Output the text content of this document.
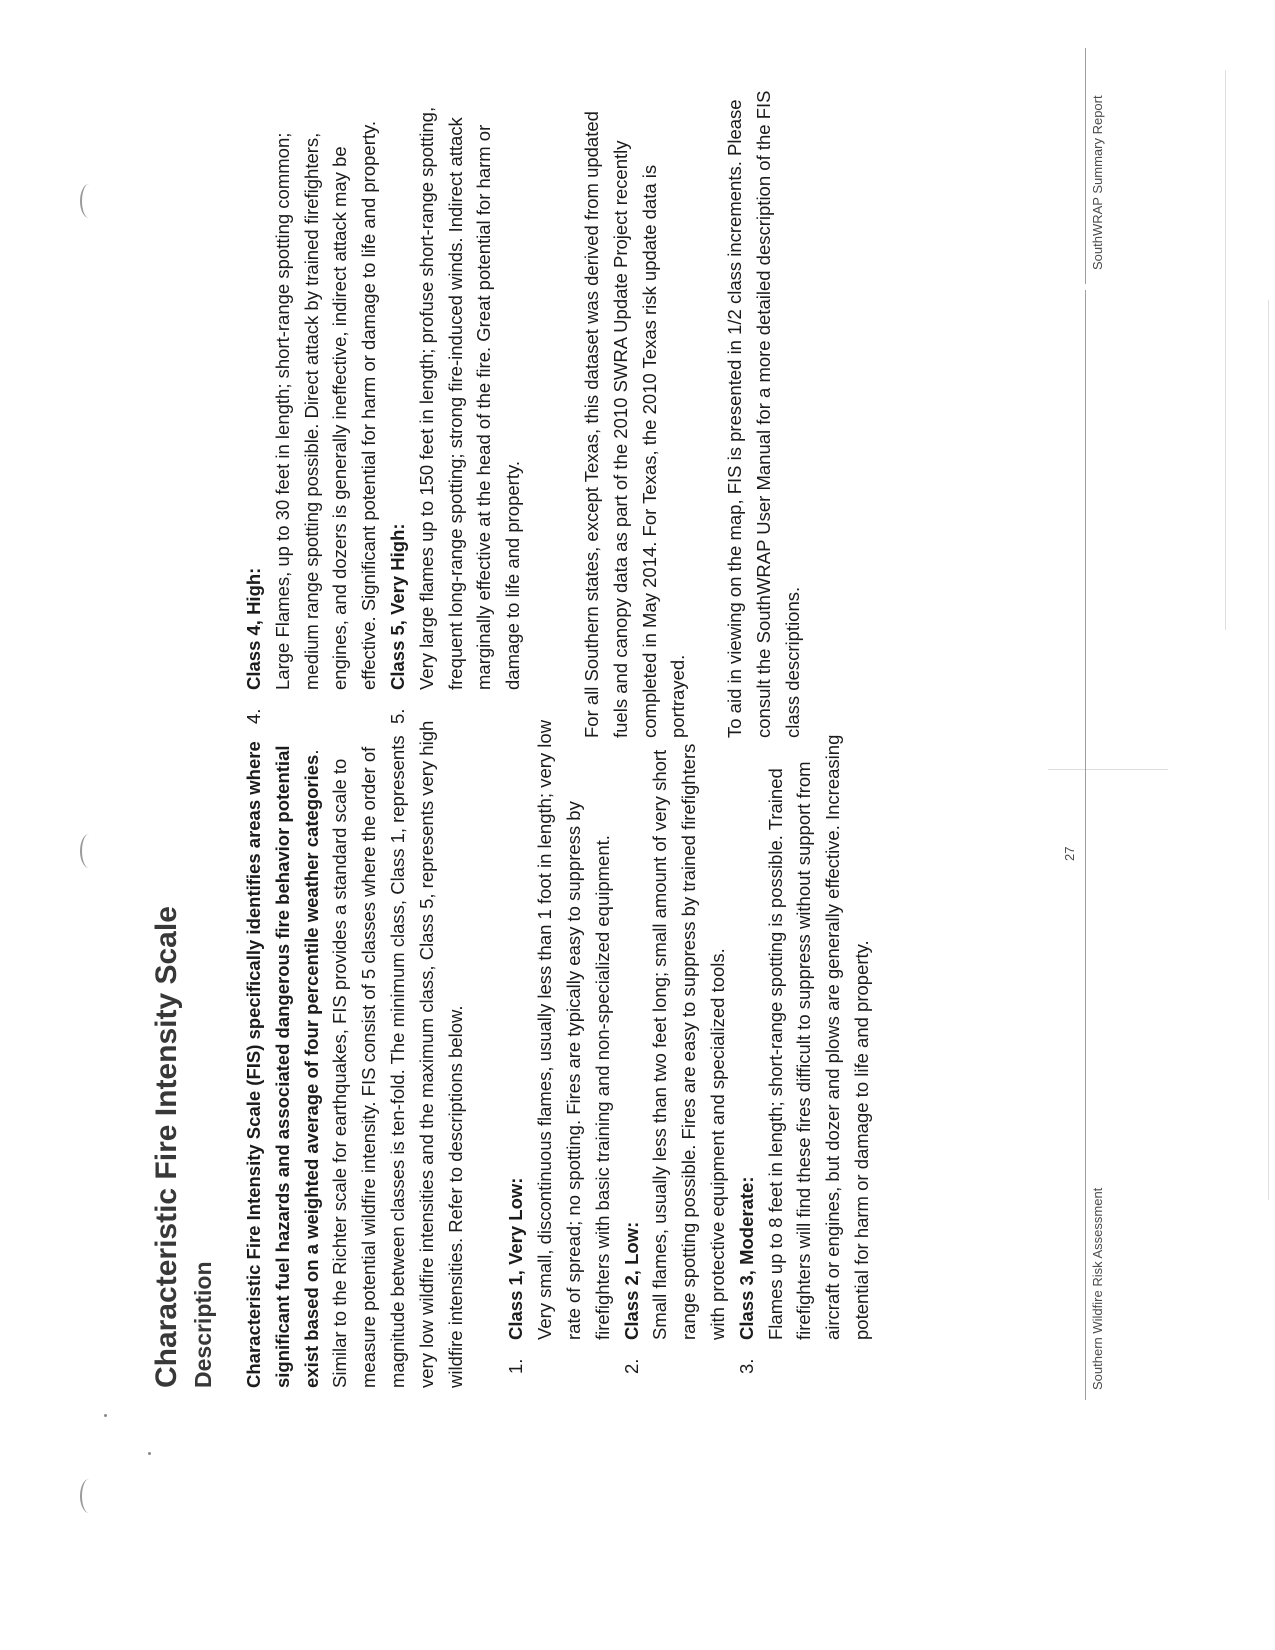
Characteristic Fire Intensity Scale Description Characteristic Fire Intensity Scale (FIS) specifically identifies areas where significant fuel hazards and associated dangerous fire behavior potential exist based on a weighted average of four percentile weather categories. Similar to the Richter scale for earthquakes, FIS provides a standard scale to measure potential wildfire intensity. FIS consist of 5 classes where the order of magnitude between classes is ten-fold. The minimum class, Class 1, represents very low wildfire intensities and the maximum class, Class 5, represents very high wildfire intensities. Refer to descriptions below. 1.
Class 1, Very Low: Very small, discontinuous flames, usually less than 1 foot in length; very low rate of spread; no spotting. Fires are typically easy to suppress by firefighters with basic training and non-specialized equipment.
2.
Class 2, Low: Small flames, usually less than two feet long; small amount of very short range spotting possible. Fires are easy to suppress by trained firefighters with protective equipment and specialized tools.
3.
Class 3, Moderate: Flames up to 8 feet in length; short-range spotting is possible. Trained firefighters will find these fires difficult to suppress without support from aircraft or engines, but dozer and plows are generally effective. Increasing potential for harm or damage to life and property.
4.
Class 4, High: Large Flames, up to 30 feet in length; short-range spotting common; medium range spotting possible. Direct attack by trained firefighters, engines, and dozers is generally ineffective, indirect attack may be effective. Significant potential for harm or damage to life and property.
5.
Class 5, Very High: Very large flames up to 150 feet in length; profuse short-range spotting, frequent long-range spotting; strong fire-induced winds. Indirect attack marginally effective at the head of the fire. Great potential for harm or damage to life and property.	For all Southern states, except Texas, this dataset was derived from updated fuels and canopy data as part of the 2010 SWRA Update Project recently completed in May 2014. For Texas, the 2010 Texas risk update data is portrayed. To aid in viewing on the map, FIS is presented in 1/2 class increments. Please consult the SouthWRAP User Manual for a more detailed description of the FIS class descriptions.

Southern Wildfire Risk Assessment
27
SouthWRAP Summary Report
